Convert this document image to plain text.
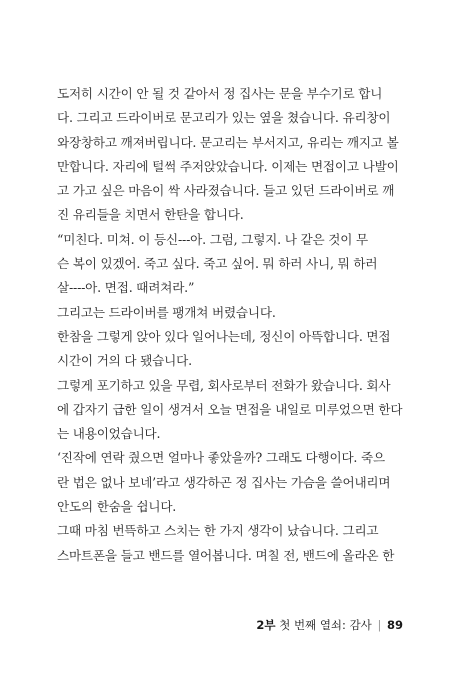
도저히 시간이 안 될 것 같아서 정 집사는 문을 부수기로 합니
다. 그리고 드라이버로 문고리가 있는 옆을 쳤습니다. 유리창이
와장창하고 깨져버립니다. 문고리는 부서지고, 유리는 깨지고 볼
만합니다. 자리에 털썩 주저앉았습니다. 이제는 면접이고 나발이
고 가고 싶은 마음이 싹 사라졌습니다. 들고 있던 드라이버로 깨
진 유리들을 치면서 한탄을 합니다.
“미친다. 미쳐. 이 등신---아. 그럼, 그렇지. 나 같은 것이 무
슨 복이 있겠어. 죽고 싶다. 죽고 싶어. 뭐 하러 사니, 뭐 하러
살----아. 면접. 때려쳐라.”
그리고는 드라이버를 팽개쳐 버렸습니다.
한참을 그렇게 앉아 있다 일어나는데, 정신이 아뜩합니다. 면접
시간이 거의 다 됐습니다.
그렇게 포기하고 있을 무렵, 회사로부터 전화가 왔습니다. 회사
에 갑자기 급한 일이 생겨서 오늘 면접을 내일로 미루었으면 한다
는 내용이었습니다.
‘진작에 연락 줬으면 얼마나 좋았을까? 그래도 다행이다. 죽으
란 법은 없나 보네’라고 생각하곤 정 집사는 가슴을 쓸어내리며
안도의 한숨을 쉽니다.
그때 마침 번뜩하고 스치는 한 가지 생각이 났습니다. 그리고
스마트폰을 들고 밴드를 열어봅니다. 며칠 전, 밴드에 올라온 한
2부 첫 번째 열쇠: 감사 | 89
